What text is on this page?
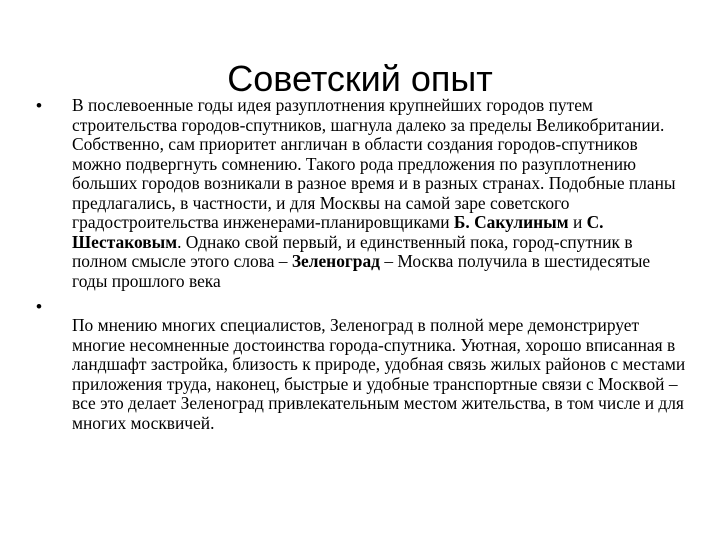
Советский опыт
• В послевоенные годы идея разуплотнения крупнейших городов путем строительства городов-спутников, шагнула далеко за пределы Великобритании. Собственно, сам приоритет англичан в области создания городов-спутников можно подвергнуть сомнению. Такого рода предложения по разуплотнению больших городов возникали в разное время и в разных странах. Подобные планы предлагались, в частности, и для Москвы на самой заре советского градостроительства инженерами-планировщиками Б. Сакулиным и С. Шестаковым. Однако свой первый, и единственный пока, город-спутник в полном смысле этого слова – Зеленоград – Москва получила в шестидесятые годы прошлого века
•
По мнению многих специалистов, Зеленоград в полной мере демонстрирует многие несомненные достоинства города-спутника. Уютная, хорошо вписанная в ландшафт застройка, близость к природе, удобная связь жилых районов с местами приложения труда, наконец, быстрые и удобные транспортные связи с Москвой – все это делает Зеленоград привлекательным местом жительства, в том числе и для многих москвичей.
